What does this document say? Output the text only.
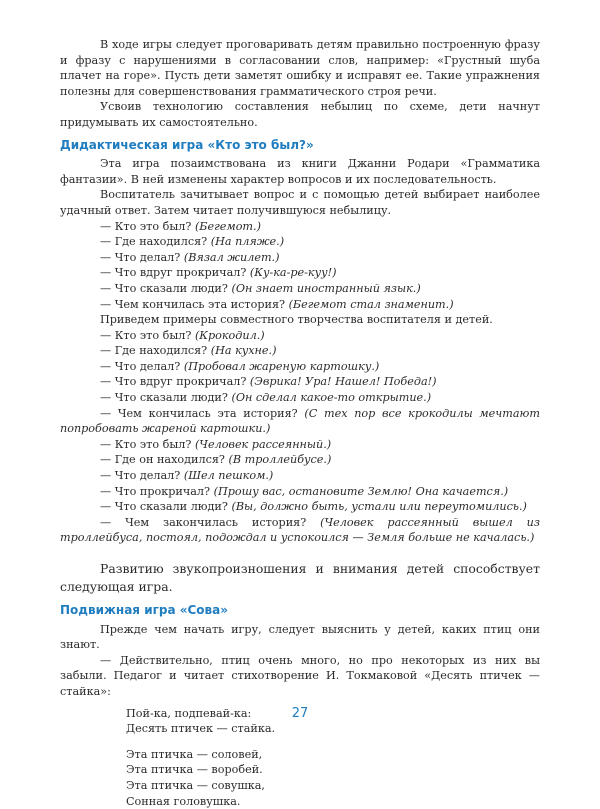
В ходе игры следует проговаривать детям правильно построенную фразу и фразу с нарушениями в согласовании слов, например: «Грустный шуба плачет на горе». Пусть дети заметят ошибку и исправят ее. Такие упражнения полезны для совершенствования грамматического строя речи.

Усвоив технологию составления небылиц по схеме, дети начнут придумывать их самостоятельно.

Дидактическая игра «Кто это был?»

Эта игра позаимствована из книги Джанни Родари «Грамматика фантазии». В ней изменены характер вопросов и их последовательность.

Воспитатель зачитывает вопрос и с помощью детей выбирает наиболее удачный ответ. Затем читает получившуюся небылицу.

— Кто это был? (Бегемот.)
— Где находился? (На пляже.)
— Что делал? (Вязал жилет.)
— Что вдруг прокричал? (Ку-ка-ре-куу!)
— Что сказали люди? (Он знает иностранный язык.)
— Чем кончилась эта история? (Бегемот стал знаменит.)

Приведем примеры совместного творчества воспитателя и детей.

— Кто это был? (Крокодил.)
— Где находился? (На кухне.)
— Что делал? (Пробовал жареную картошку.)
— Что вдруг прокричал? (Эврика! Ура! Нашел! Победа!)
— Что сказали люди? (Он сделал какое-то открытие.)

— Чем кончилась эта история? (С тех пор все крокодилы мечтают попробовать жареной картошки.)

— Кто это был? (Человек рассеянный.)
— Где он находился? (В троллейбусе.)
— Что делал? (Шел пешком.)
— Что прокричал? (Прошу вас, остановите Землю! Она качается.)
— Что сказали люди? (Вы, должно быть, устали или переутомились.)

— Чем закончилась история? (Человек рассеянный вышел из троллейбуса, постоял, подождал и успокоился — Земля больше не качалась.)

Развитию звукопроизношения и внимания детей способствует следующая игра.

Подвижная игра «Сова»

Прежде чем начать игру, следует выяснить у детей, каких птиц они знают.

— Действительно, птиц очень много, но про некоторых из них вы забыли. Педагог и читает стихотворение И. Токмаковой «Десять птичек — стайка»:

Пой-ка, подпевай-ка:
Десять птичек — стайка.
Эта птичка — соловей,
Эта птичка — воробей.
Эта птичка — совушка,
Сонная головушка.
27
